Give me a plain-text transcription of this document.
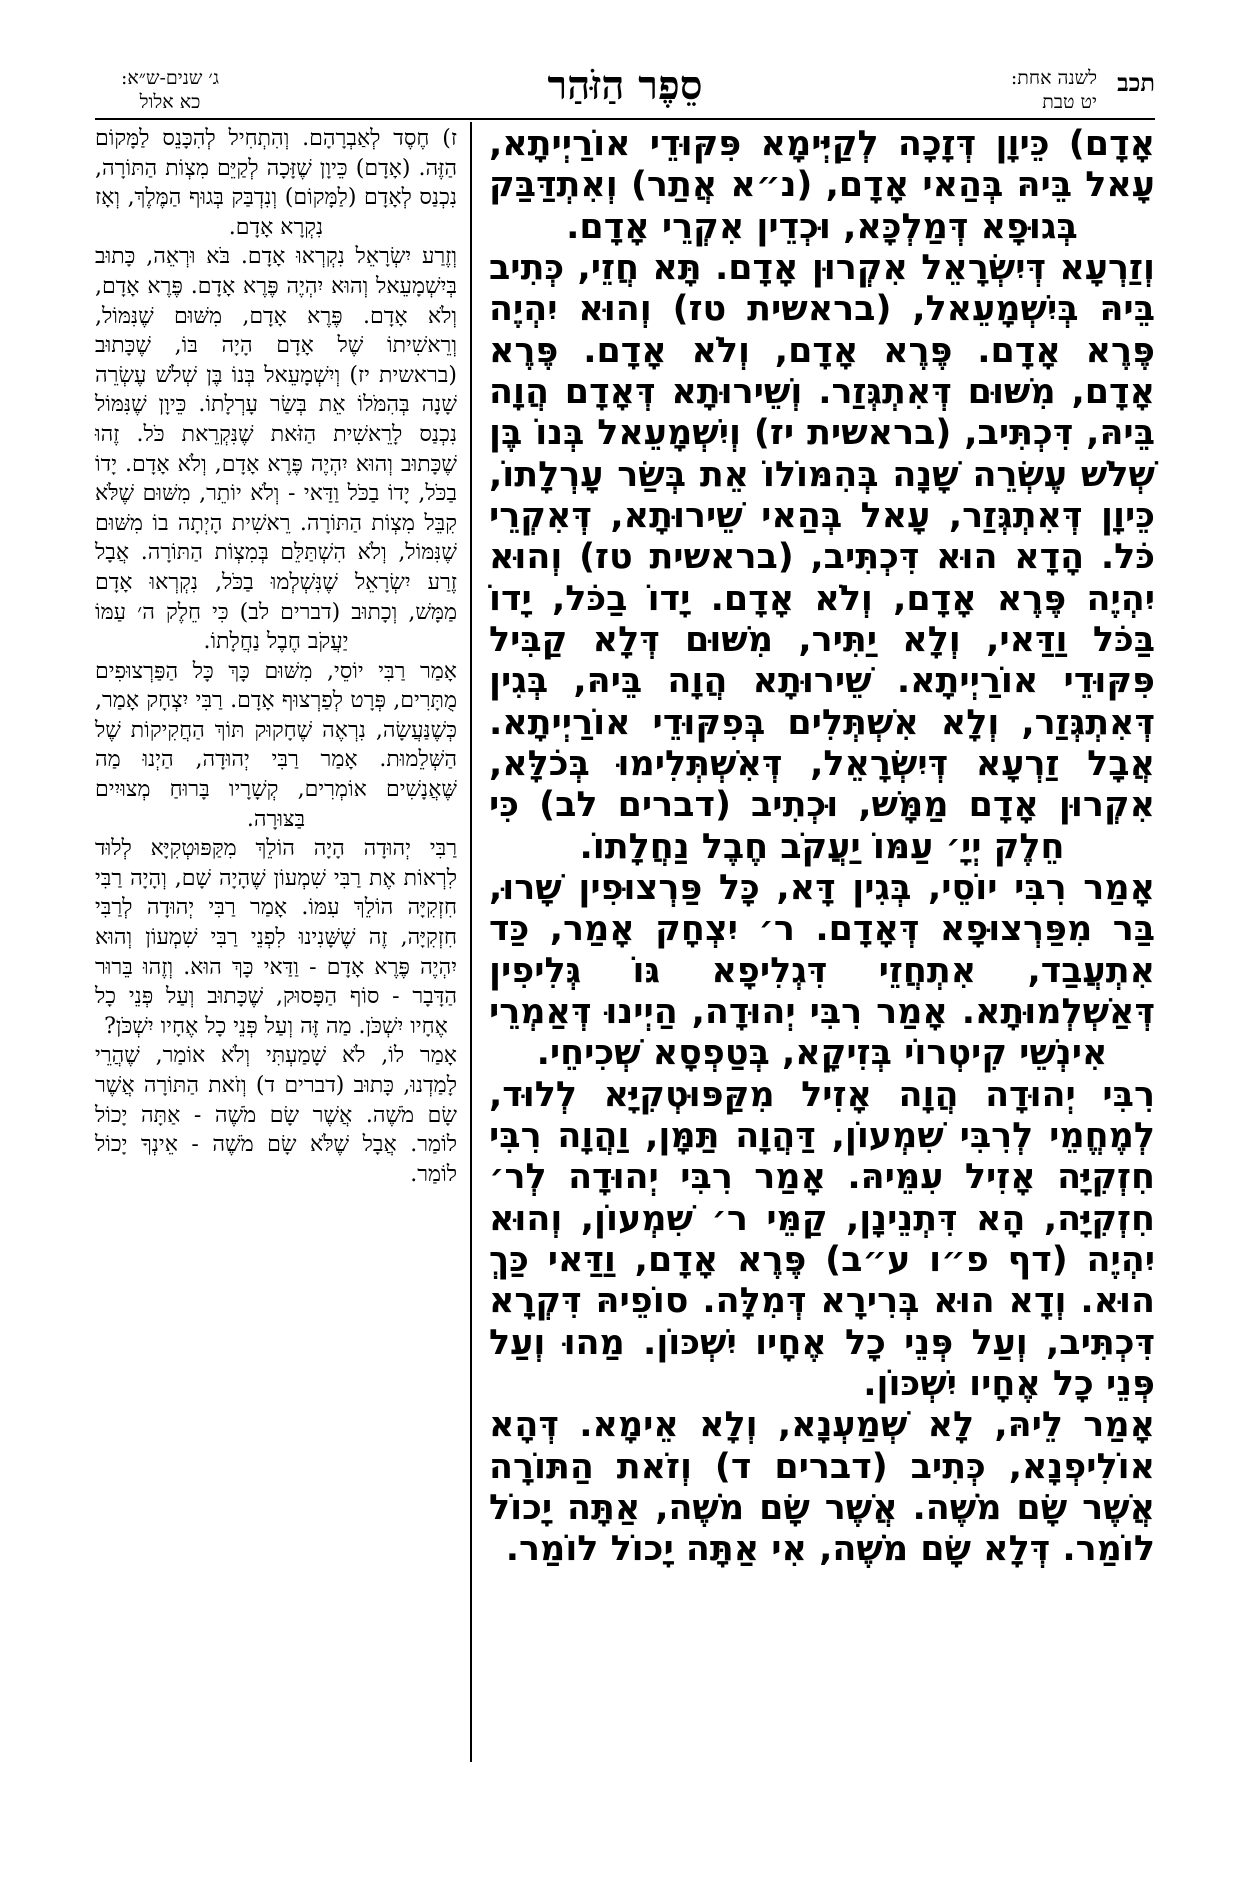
תכב
לשנה אחת:
יט טבת
סֵפֶר הַזֹּהַר
ג׳ שנים-ש״א:
כא אלול

אָדָם) כֵּיוָן דְּזָכָה לְקַיְּימָא פִּקּוּדֵי אוֹרַיְיתָא, עָאל בֵּיהּ בְּהַאי אָדָם, (נ״א אֲתַר) וְאִתְדַּבַּק בְּגוּפָא דְּמַלְכָּא, וּכְדֵין אִקְרֵי אָדָם.

וְזַרְעָא דְּיִשְׂרָאֵל אִקְרוּן אָדָם. תָּא חֲזֵי, כְּתִיב בֵּיהּ בְּיִשְׁמָעֵאל, (בראשית טז) וְהוּא יִהְיֶה פֶּרֶא אָדָם. פֶּרֶא אָדָם, וְלֹא אָדָם. פֶּרֶא אָדָם, מִשּׁוּם דְּאִתְגְּזַר. וְשֵׁירוּתָא דְּאָדָם הֲוָה בֵּיהּ, דִּכְתִּיב, (בראשית יז) וְיִשְׁמָעֵאל בְּנוֹ בֶּן שְׁלֹשׁ עֶשְׂרֵה שָׁנָה בְּהִמּוֹלוֹ אֵת בְּשַׂר עָרְלָתוֹ, כֵּיוָן דְּאִתְגְּזַר, עָאל בְּהַאי שֵׁירוּתָא, דְּאִקְרֵי כֹּל. הָדָא הוּא דִּכְתִּיב, (בראשית טז) וְהוּא יִהְיֶה פֶּרֶא אָדָם, וְלֹא אָדָם. יָדוֹ בַכֹּל, יָדוֹ בַּכֹּל וַדַּאי, וְלָא יַתִּיר, מִשּׁוּם דְּלָא קַבִּיל פִּקּוּדֵי אוֹרַיְיתָא. שֵׁירוּתָא הֲוָה בֵּיהּ, בְּגִין דְּאִתְגְּזַר, וְלָא אִשְׁתְּלִים בְּפִקּוּדֵי אוֹרַיְיתָא. אֲבָל זַרְעָא דְּיִשְׂרָאֵל, דְּאִשְׁתְּלִימוּ בְּכֹלָּא, אִקְרוּן אָדָם מַמָּשׁ, וּכְתִיב (דברים לב) כִּי חֵלֶק יְיָ׳ עַמּוֹ יַעֲקֹב חֶבֶל נַחֲלָתוֹ.

אָמַר רִבִּי יוֹסֵי, בְּגִין דָּא, כָּל פַּרְצוּפִין שָׁרוּ, בַּר מִפַּרְצוּפָא דְּאָדָם. ר׳ יִצְחָק אָמַר, כַּד אִתְעֲבַד, אִתְחֲזֵי דִּגְלִיפָא גּוֹ גְּלִיפִין דְּאַשְׁלְמוּתָא. אָמַר רִבִּי יְהוּדָה, הַיְינוּ דְּאַמְרֵי אִינְשֵׁי קִיטְרוֹי בְּזִיקָא, בְּטַפְסָא שְׁכִיחֵי.

רִבִּי יְהוּדָה הֲוָה אָזִיל מִקַּפּוּטְקִיָּא לְלוּד, לְמֶחֱמֵי לְרִבִּי שִׁמְעוֹן, דַּהֲוָה תַּמָּן, וַהֲוָה רִבִּי חִזְקִיָּה אָזִיל עִמֵּיהּ. אָמַר רִבִּי יְהוּדָה לְר׳ חִזְקִיָּה, הָא דִּתְנֵינָן, קַמֵּי ר׳ שִׁמְעוֹן, וְהוּא יִהְיֶה (דף פ״ו ע״ב) פֶּרֶא אָדָם, וַדַּאי כַּךְ הוּא. וְדָא הוּא בְּרִירָא דְּמִלָּה. סוֹפֵיהּ דִּקְרָא דִּכְתִּיב, וְעַל פְּנֵי כָל אֶחָיו יִשְׁכּוֹן. מַהוּ וְעַל פְּנֵי כָל אֶחָיו יִשְׁכּוֹן.

אָמַר לֵיהּ, לָא שְׁמַעְנָא, וְלָא אֵימָא. דְּהָא אוֹלִיפְנָא, כְּתִיב (דברים ד) וְזֹאת הַתּוֹרָה אֲשֶׁר שָׂם מֹשֶׁה. אֲשֶׁר שָׂם מֹשֶׁה, אַתָּה יָכוֹל לוֹמַר. דְּלָא שָׂם מֹשֶׁה, אִי אַתָּה יָכוֹל לוֹמַר.

ז) חֶסֶד לְאַבְרָהָם. וְהִתְחִיל לְהִכָּנֵס לַמָּקוֹם הַזֶּה. (אָדָם) כֵּיוָן שֶׁזָּכָה לְקַיֵּם מִצְוֹת הַתּוֹרָה, נִכְנַס לְאָדָם (לַמָּקוֹם) וְנִדְבַּק בְּגוּף הַמֶּלֶךְ, וְאָז נִקְרָא אָדָם.

וְזֶרַע יִשְׂרָאֵל נִקְרְאוּ אָדָם. בֹּא וּרְאֵה, כָּתוּב בְּיִשְׁמָעֵאל וְהוּא יִהְיֶה פֶּרֶא אָדָם. פֶּרֶא אָדָם, וְלֹא אָדָם. פֶּרֶא אָדָם, מִשּׁוּם שֶׁנִּמּוֹל, וְרֵאשִׁיתוֹ שֶׁל אָדָם הָיָה בּוֹ, שֶׁכָּתוּב (בראשית יז) וְיִשְׁמָעֵאל בְּנוֹ בֶּן שְׁלֹשׁ עֶשְׂרֵה שָׁנָה בְּהִמֹּלוֹ אֵת בְּשַׂר עָרְלָתוֹ. כֵּיוָן שֶׁנִּמּוֹל נִכְנַס לָרֵאשִׁית הַזֹּאת שֶׁנִּקְרֵאת כֹּל. זֶהוּ שֶׁכָּתוּב וְהוּא יִהְיֶה פֶּרֶא אָדָם, וְלֹא אָדָם. יָדוֹ בַכֹּל, יָדוֹ בַכֹּל וַדַּאי - וְלֹא יוֹתֵר, מִשּׁוּם שֶׁלֹּא קִבֵּל מִצְוֹת הַתּוֹרָה. רֵאשִׁית הָיְתָה בוֹ מִשּׁוּם שֶׁנִּמּוֹל, וְלֹא הִשְׁתַּלֵּם בְּמִצְוֹת הַתּוֹרָה. אֲבָל זֶרַע יִשְׂרָאֵל שֶׁנִּשְׁלְמוּ בַכֹּל, נִקְרְאוּ אָדָם מַמָּשׁ, וְכָתוּב (דברים לב) כִּי חֵלֶק ה׳ עַמּוֹ יַעֲקֹב חֶבֶל נַחֲלָתוֹ.

אָמַר רַבִּי יוֹסֵי, מִשּׁוּם כָּךְ כָּל הַפַּרְצוּפִים מֻתָּרִים, פְּרָט לְפַרְצוּף אָדָם. רַבִּי יִצְחָק אָמַר, כְּשֶׁנַּעֲשָׂה, נִרְאֶה שֶׁחָקוּק תּוֹךְ הַחֲקִיקוֹת שֶׁל הַשְּׁלֵמוּת. אָמַר רַבִּי יְהוּדָה, הַיְנוּ מַה שֶּׁאֲנָשִׁים אוֹמְרִים, קְשָׁרָיו בָּרוּחַ מְצוּיִים בַּצּוּרָה.

רַבִּי יְהוּדָה הָיָה הוֹלֵךְ מִקַּפּוּטְקִיָּא לְלוּד לִרְאוֹת אֶת רַבִּי שִׁמְעוֹן שֶׁהָיָה שָׁם, וְהָיָה רַבִּי חִזְקִיָּה הוֹלֵךְ עִמּוֹ. אָמַר רַבִּי יְהוּדָה לְרַבִּי חִזְקִיָּה, זֶה שֶׁשָּׁנִינוּ לִפְנֵי רַבִּי שִׁמְעוֹן וְהוּא יִהְיֶה פֶּרֶא אָדָם - וַדַּאי כָּךְ הוּא. וְזֶהוּ בֵּרוּר הַדָּבָר - סוֹף הַפָּסוּק, שֶׁכָּתוּב וְעַל פְּנֵי כָל אֶחָיו יִשְׁכֹּן. מַה זֶּה וְעַל פְּנֵי כָל אֶחָיו יִשְׁכֹּן?

אָמַר לוֹ, לֹא שָׁמַעְתִּי וְלֹא אוֹמַר, שֶׁהֲרֵי לָמַדְנוּ, כָּתוּב (דברים ד) וְזֹאת הַתּוֹרָה אֲשֶׁר שָׂם מֹשֶׁה. אֲשֶׁר שָׂם מֹשֶׁה - אַתָּה יָכוֹל לוֹמַר. אֲבָל שֶׁלֹּא שָׂם מֹשֶׁה - אֵינְךָ יָכוֹל לוֹמַר.
